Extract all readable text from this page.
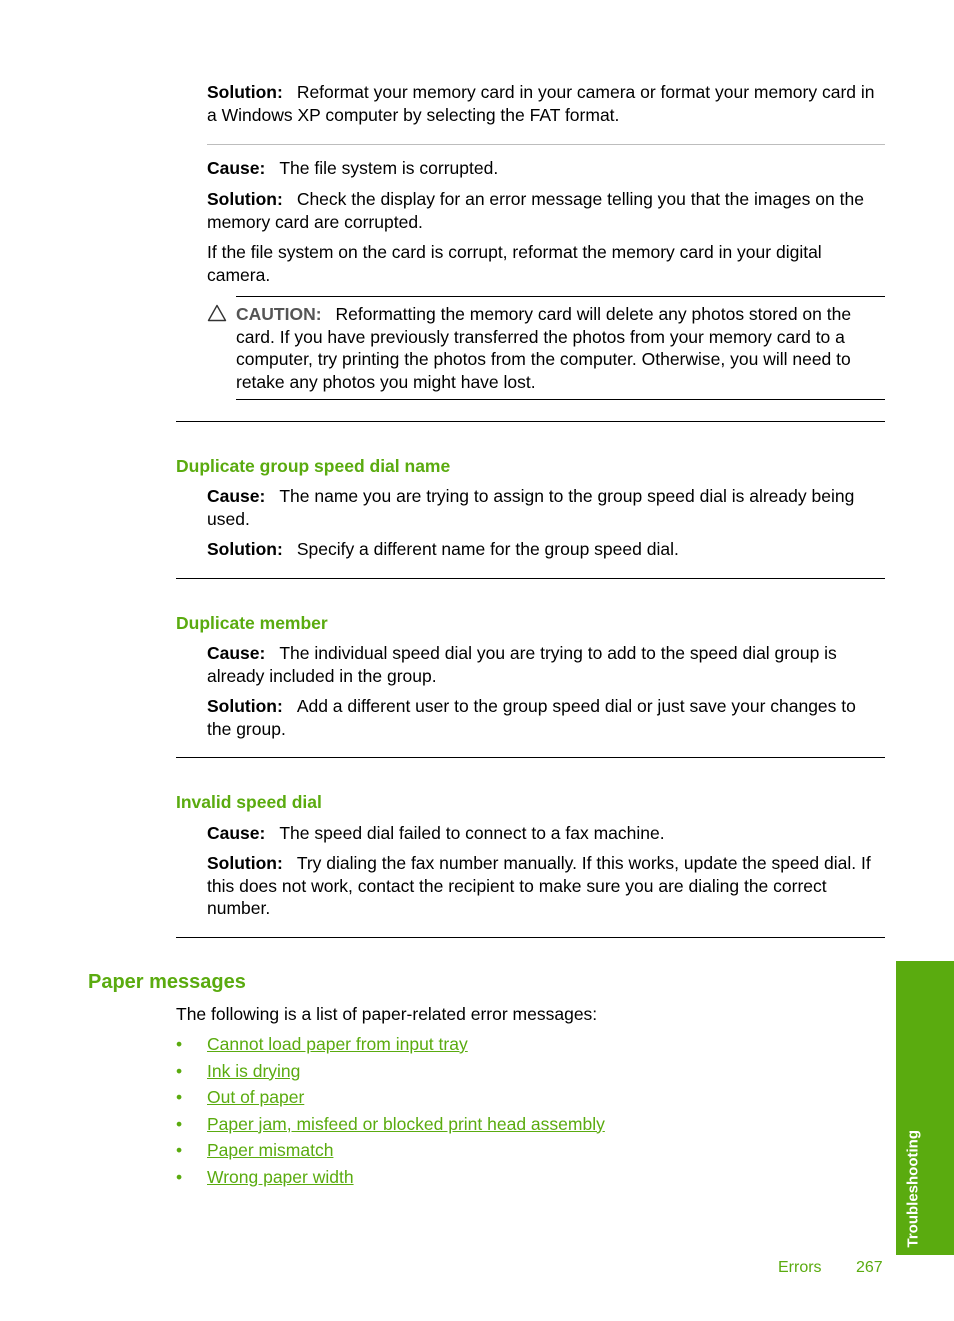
Solution: Reformat your memory card in your camera or format your memory card in a Windows XP computer by selecting the FAT format.

Cause: The file system is corrupted.

Solution: Check the display for an error message telling you that the images on the memory card are corrupted.

If the file system on the card is corrupt, reformat the memory card in your digital camera.

CAUTION: Reformatting the memory card will delete any photos stored on the card. If you have previously transferred the photos from your memory card to a computer, try printing the photos from the computer. Otherwise, you will need to retake any photos you might have lost.

Duplicate group speed dial name

Cause: The name you are trying to assign to the group speed dial is already being used.

Solution: Specify a different name for the group speed dial.

Duplicate member

Cause: The individual speed dial you are trying to add to the speed dial group is already included in the group.

Solution: Add a different user to the group speed dial or just save your changes to the group.

Invalid speed dial

Cause: The speed dial failed to connect to a fax machine.

Solution: Try dialing the fax number manually. If this works, update the speed dial. If this does not work, contact the recipient to make sure you are dialing the correct number.

Paper messages

The following is a list of paper-related error messages:

•	Cannot load paper from input tray
•	Ink is drying
•	Out of paper
•	Paper jam, misfeed or blocked print head assembly
•	Paper mismatch
•	Wrong paper width	Troubleshooting
Errors 267
